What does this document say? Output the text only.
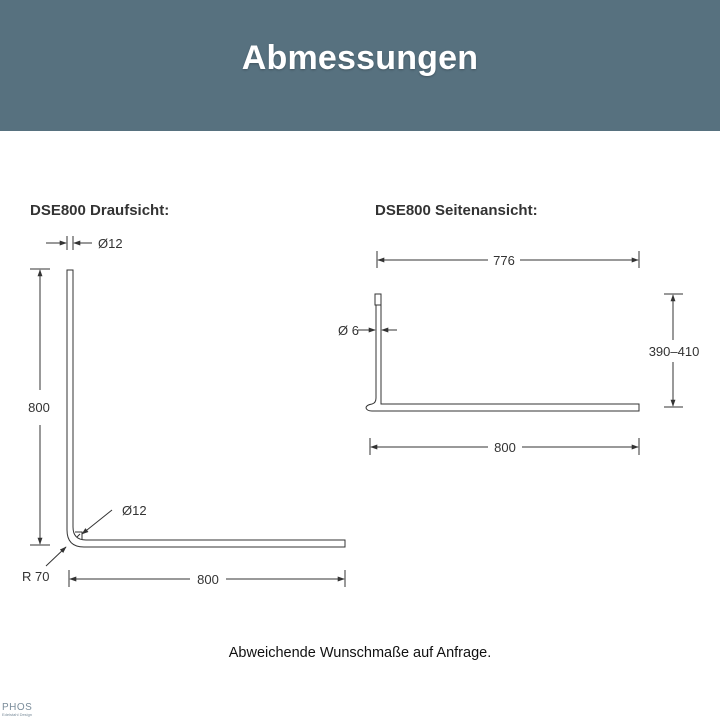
Abmessungen
DSE800 Draufsicht:
Ø12
800
Ø12
R 70	800
DSE800 Seitenansicht:
776
Ø 6
390–410
800
Abweichende Wunschmaße auf Anfrage.
PHOS
Edelstahl Design
